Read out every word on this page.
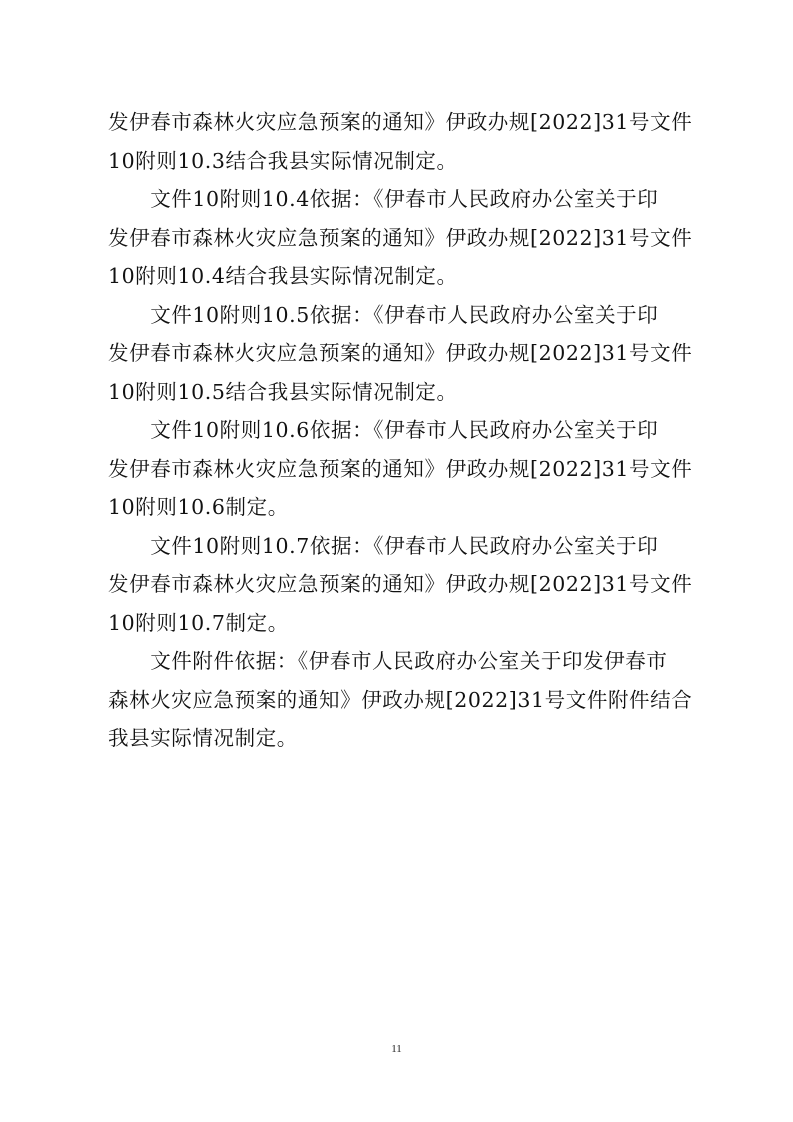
发伊春市森林火灾应急预案的通知》伊政办规[2022]31号文件
10附则10.3结合我县实际情况制定。
　　文件10附则10.4依据：《伊春市人民政府办公室关于印
发伊春市森林火灾应急预案的通知》伊政办规[2022]31号文件
10附则10.4结合我县实际情况制定。
　　文件10附则10.5依据：《伊春市人民政府办公室关于印
发伊春市森林火灾应急预案的通知》伊政办规[2022]31号文件
10附则10.5结合我县实际情况制定。
　　文件10附则10.6依据：《伊春市人民政府办公室关于印
发伊春市森林火灾应急预案的通知》伊政办规[2022]31号文件
10附则10.6制定。
　　文件10附则10.7依据：《伊春市人民政府办公室关于印
发伊春市森林火灾应急预案的通知》伊政办规[2022]31号文件
10附则10.7制定。
　　文件附件依据：《伊春市人民政府办公室关于印发伊春市
森林火灾应急预案的通知》伊政办规[2022]31号文件附件结合
我县实际情况制定。
11
